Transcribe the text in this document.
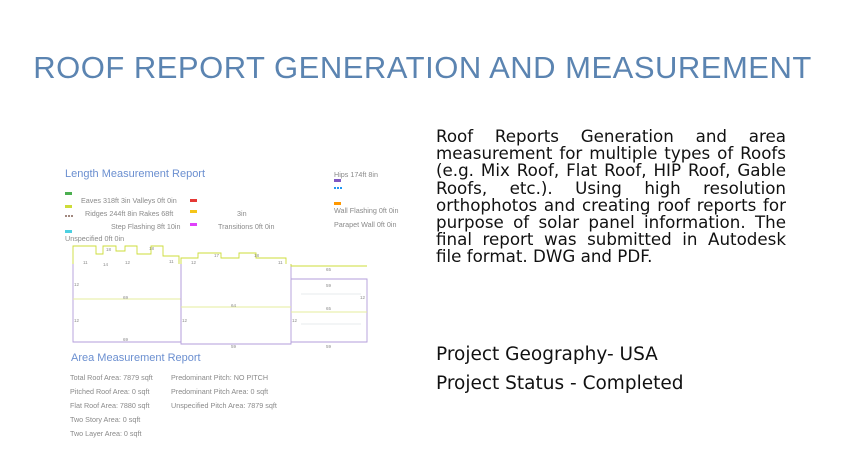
ROOF REPORT GENERATION AND MEASUREMENT
Length Measurement Report
Eaves 318ft 3in Valleys 0ft 0in
Ridges 244ft 8in Rakes 68ft
Step Flashing 8ft 10in
Unspecified 0ft 0in
3in
Transitions 0ft 0in
Hips 174ft 8in
Wall Flashing 0ft 0in
Parapet Wall 0ft 0in
18
11	14	12
18
11	12
17	18
11
65
65
69
64
69
59	59
59
12
12	12	12
12
Area Measurement Report
Total Roof Area: 7879 sqft
Pitched Roof Area: 0 sqft
Flat Roof Area: 7880 sqft
Two Story Area: 0 sqft
Two Layer Area: 0 sqft
Predominant Pitch: NO PITCH
Predominant Pitch Area: 0 sqft
Unspecified Pitch Area: 7879 sqft

Roof Reports Generation and area measurement for multiple types of Roofs (e.g. Mix Roof, Flat Roof, HIP Roof, Gable Roofs, etc.). Using high resolution orthophotos and creating roof reports for purpose of solar panel information. The final report was submitted in Autodesk file format. DWG and PDF.

Project Geography- USA
Project Status - Completed
